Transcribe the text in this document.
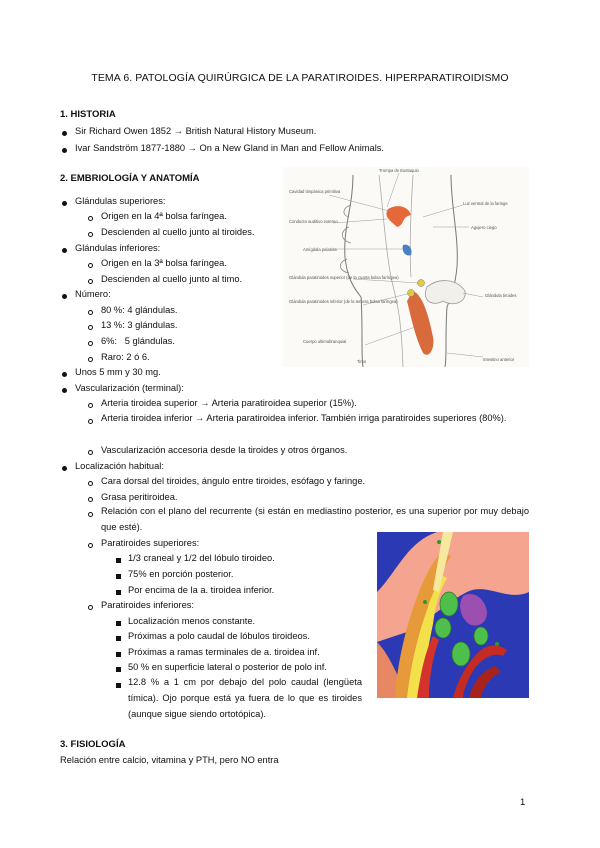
TEMA 6. PATOLOGÍA QUIRÚRGICA DE LA PARATIROIDES. HIPERPARATIROIDISMO
1. HISTORIA
Sir Richard Owen 1852 → British Natural History Museum.
Ivar Sandström 1877-1880 → On a New Gland in Man and Fellow Animals.
2. EMBRIOLOGÍA Y ANATOMÍA
Glándulas superiores:
Origen en la 4ª bolsa faríngea.
Descienden al cuello junto al tiroides.
Glándulas inferiores:
Origen en la 3ª bolsa faríngea.
Descienden al cuello junto al timo.
Número:
80 %: 4 glándulas.
13 %: 3 glándulas.
6%:   5 glándulas.
Raro: 2 ó 6.
Unos 5 mm y 30 mg.
Vascularización (terminal):
Arteria tiroidea superior → Arteria paratiroidea superior (15%).
Arteria tiroidea inferior → Arteria paratiroidea inferior. También irriga paratiroides superiores (80%).
Vascularización accesoria desde la tiroides y otros órganos.
Localización habitual:
Cara dorsal del tiroides, ángulo entre tiroides, esófago y faringe.
Grasa peritiroidea.
Relación con el plano del recurrente (si están en mediastino posterior, es una superior por muy debajo que esté).
Paratiroides superiores:
1/3 craneal y 1/2 del lóbulo tiroideo.
75% en porción posterior.
Por encima de la a. tiroidea inferior.
Paratiroides inferiores:
Localización menos constante.
Próximas a polo caudal de lóbulos tiroideos.
Próximas a ramas terminales de a. tiroidea inf.
50 % en superficie lateral o posterior de polo inf.
12.8 % a 1 cm por debajo del polo caudal (lengüeta tímica). Ojo porque está ya fuera de lo que es tiroides (aunque sigue siendo ortotópica).
3. FISIOLOGÍA
Relación entre calcio, vitamina y PTH, pero NO entra
1
Trompa de Eustaquio
Cavidad timpánica primitiva
Conducto auditivo externo
Amígdala palatina
Glándula paratiroides superior (de la cuarta bolsa faríngea)
Glándula paratiroides inferior (de la tercera bolsa faríngea)
Cuerpo ultimobranquial
Timo
Luz ventral de la faringe
Agujero ciego
Glándula tiroides
Intestino anterior
